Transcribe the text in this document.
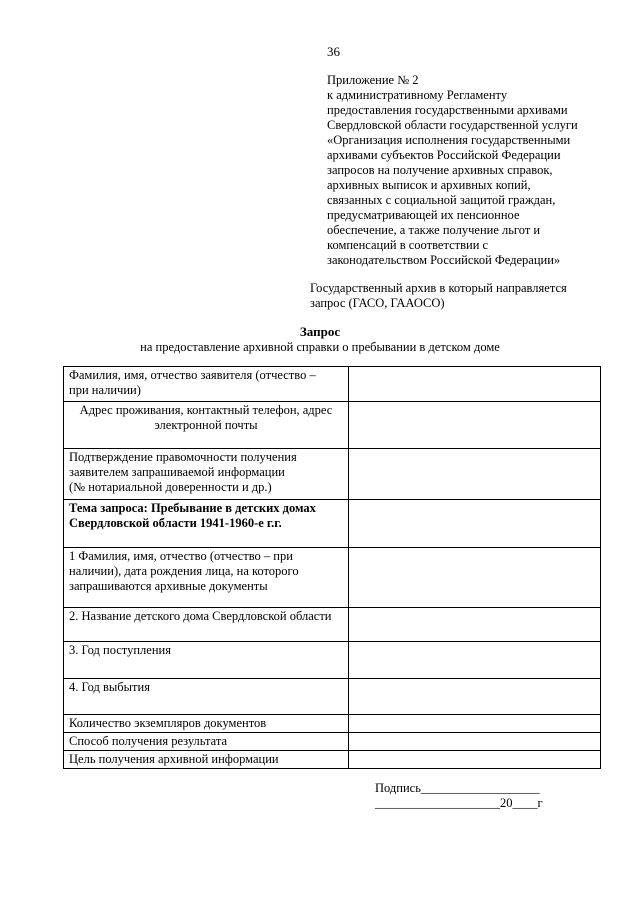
36
Приложение № 2
к административному Регламенту
предоставления государственными архивами
Свердловской области государственной услуги
«Организация исполнения государственными
архивами субъектов Российской Федерации
запросов на получение архивных справок,
архивных выписок и архивных копий,
связанных с социальной защитой граждан,
предусматривающей их пенсионное
обеспечение, а также получение льгот и
компенсаций в соответствии с
законодательством Российской Федерации»
Государственный архив в который направляется
запрос (ГАСО, ГААОСО)
Запрос
на предоставление архивной справки о пребывании в детском доме
Фамилия, имя, отчество заявителя (отчество –
при наличии)	

Адрес проживания, контактный телефон, адрес
электронной почты	

Подтверждение правомочности получения
заявителем запрашиваемой информации
(№ нотариальной доверенности и др.)	

Тема запроса: Пребывание в детских домах
Свердловской области 1941-1960-е г.г.	

1 Фамилия, имя, отчество (отчество – при
наличии), дата рождения лица, на которого
запрашиваются архивные документы	

2. Название детского дома Свердловской области	

3. Год поступления	

4. Год выбытия	

Количество экземпляров документов	

Способ получения результата	

Цель получения архивной информации	

Подпись___________________
____________________20____г
